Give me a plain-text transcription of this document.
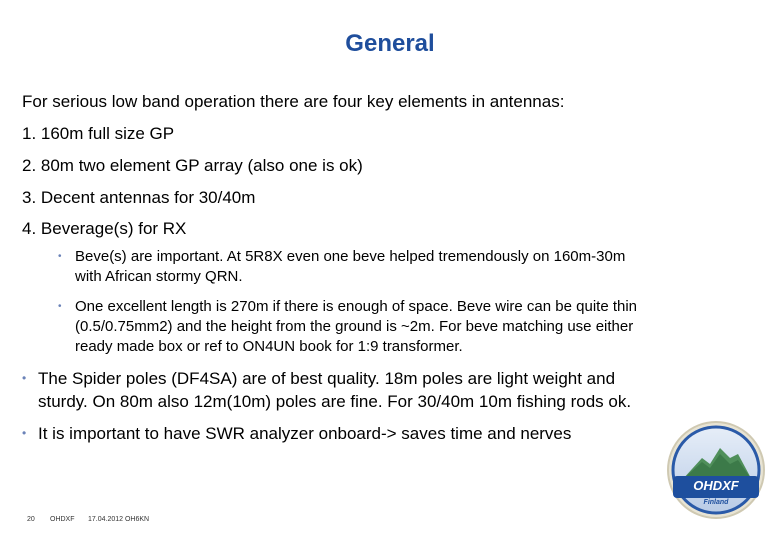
General
For serious low band operation there are four key elements in antennas:
1. 160m full size GP
2. 80m two element GP array (also one is ok)
3. Decent antennas for 30/40m
4. Beverage(s) for RX
• Beve(s) are important. At 5R8X even one beve helped tremendously on 160m-30m
with African stormy QRN.
• One excellent length is 270m if there is enough of space. Beve wire can be quite thin
(0.5/0.75mm2) and the height from the ground is ~2m. For beve matching use either
ready made box or ref to ON4UN book for 1:9 transformer.
• The Spider poles (DF4SA) are of best quality. 18m poles are light weight and
sturdy. On 80m also 12m(10m) poles are fine. For 30/40m 10m fishing rods ok.
• It is important to have SWR analyzer onboard-> saves time and nerves
20 OHDXF 17.04.2012 OH6KN
OHDXF
Finland
